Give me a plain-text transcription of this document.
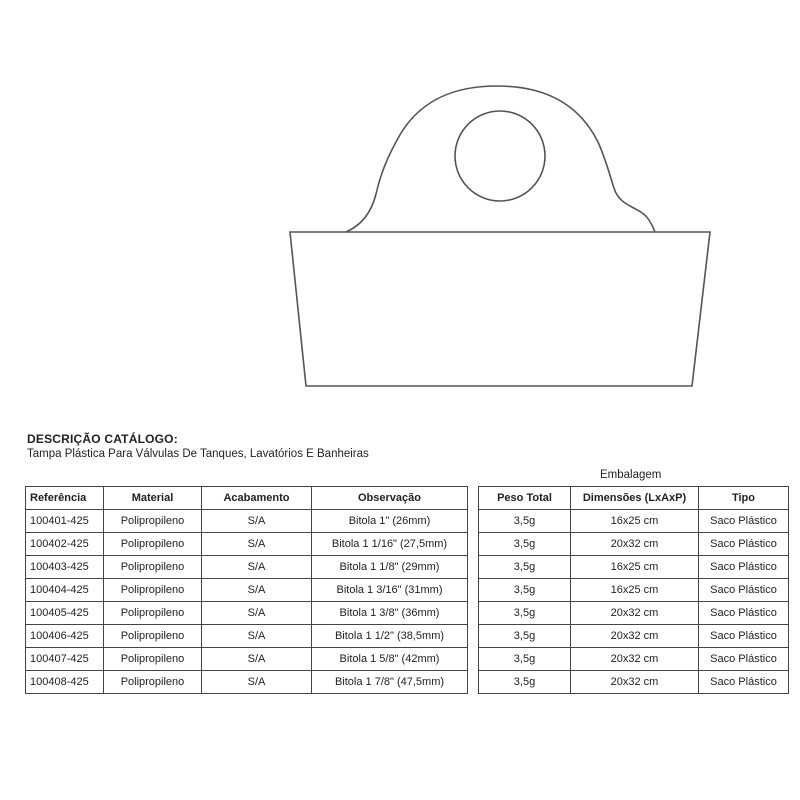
DESCRIÇÃO CATÁLOGO:
Tampa Plástica Para Válvulas De Tanques, Lavatórios E Banheiras
Embalagem
Referência	Material	Acabamento	Observação
100401-425	Polipropileno	S/A	Bitola 1" (26mm)
100402-425	Polipropileno	S/A	Bitola 1 1/16" (27,5mm)
100403-425	Polipropileno	S/A	Bitola 1 1/8" (29mm)
100404-425	Polipropileno	S/A	Bitola 1 3/16" (31mm)
100405-425	Polipropileno	S/A	Bitola 1 3/8" (36mm)
100406-425	Polipropileno	S/A	Bitola 1 1/2" (38,5mm)
100407-425	Polipropileno	S/A	Bitola 1 5/8" (42mm)
100408-425	Polipropileno	S/A	Bitola 1 7/8" (47,5mm)
Peso Total	Dimensões (LxAxP)	Tipo
3,5g	16x25 cm	Saco Plástico
3,5g	20x32 cm	Saco Plástico
3,5g	16x25 cm	Saco Plástico
3,5g	16x25 cm	Saco Plástico
3,5g	20x32 cm	Saco Plástico
3,5g	20x32 cm	Saco Plástico
3,5g	20x32 cm	Saco Plástico
3,5g	20x32 cm	Saco Plástico
